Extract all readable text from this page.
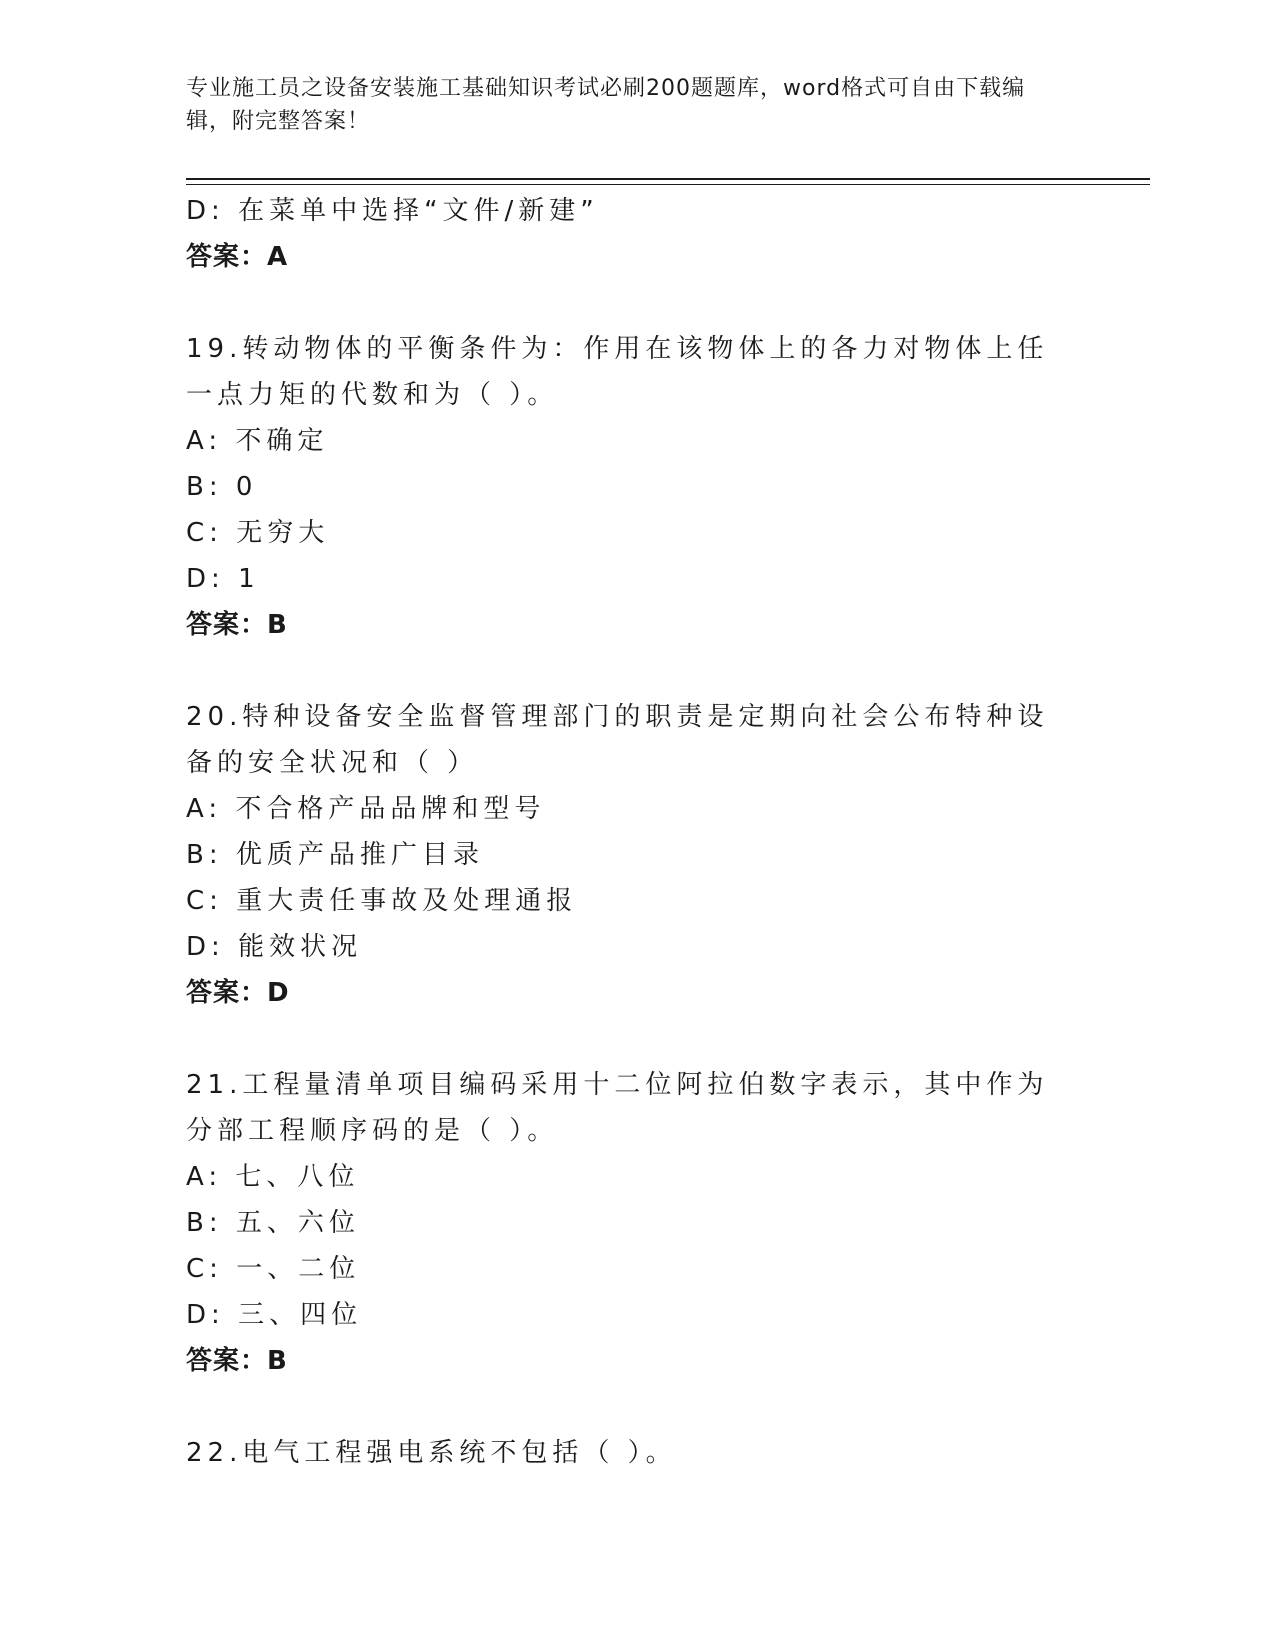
专业施工员之设备安装施工基础知识考试必刷200题题库，word格式可自由下载编辑，附完整答案！
D: 在菜单中选择“文件/新建”
答案：A
19.转动物体的平衡条件为：作用在该物体上的各力对物体上任一点力矩的代数和为（ ）。
A: 不确定
B: 0
C: 无穷大
D: 1
答案：B
20.特种设备安全监督管理部门的职责是定期向社会公布特种设备的安全状况和（ ）
A: 不合格产品品牌和型号
B: 优质产品推广目录
C: 重大责任事故及处理通报
D: 能效状况
答案：D
21.工程量清单项目编码采用十二位阿拉伯数字表示，其中作为分部工程顺序码的是（ ）。
A: 七、八位
B: 五、六位
C: 一、二位
D: 三、四位
答案：B
22.电气工程强电系统不包括（ ）。
